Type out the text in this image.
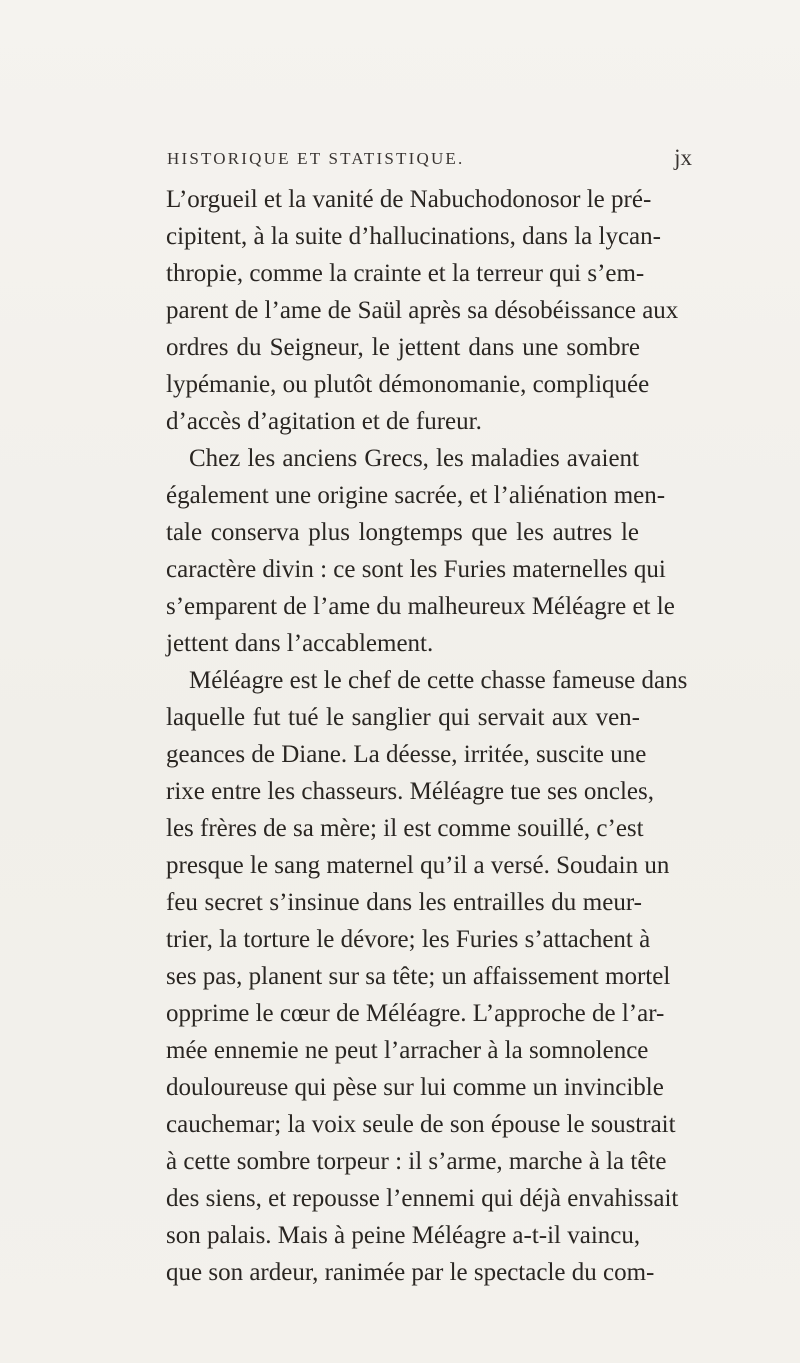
HISTORIQUE ET STATISTIQUE.	jx
L’orgueil et la vanité de Nabuchodonosor le pré-
cipitent, à la suite d’hallucinations, dans la lycan-
thropie, comme la crainte et la terreur qui s’em-
parent de l’ame de Saül après sa désobéissance aux
ordres du Seigneur, le jettent dans une sombre
lypémanie, ou plutôt démonomanie, compliquée
d’accès d’agitation et de fureur.
Chez les anciens Grecs, les maladies avaient
également une origine sacrée, et l’aliénation men-
tale conserva plus longtemps que les autres le
caractère divin : ce sont les Furies maternelles qui
s’emparent de l’ame du malheureux Méléagre et le
jettent dans l’accablement.
Méléagre est le chef de cette chasse fameuse dans
laquelle fut tué le sanglier qui servait aux ven-
geances de Diane. La déesse, irritée, suscite une
rixe entre les chasseurs. Méléagre tue ses oncles,
les frères de sa mère; il est comme souillé, c’est
presque le sang maternel qu’il a versé. Soudain un
feu secret s’insinue dans les entrailles du meur-
trier, la torture le dévore; les Furies s’attachent à
ses pas, planent sur sa tête; un affaissement mortel
opprime le cœur de Méléagre. L’approche de l’ar-
mée ennemie ne peut l’arracher à la somnolence
douloureuse qui pèse sur lui comme un invincible
cauchemar; la voix seule de son épouse le soustrait
à cette sombre torpeur : il s’arme, marche à la tête
des siens, et repousse l’ennemi qui déjà envahissait
son palais. Mais à peine Méléagre a-t-il vaincu,
que son ardeur, ranimée par le spectacle du com-
